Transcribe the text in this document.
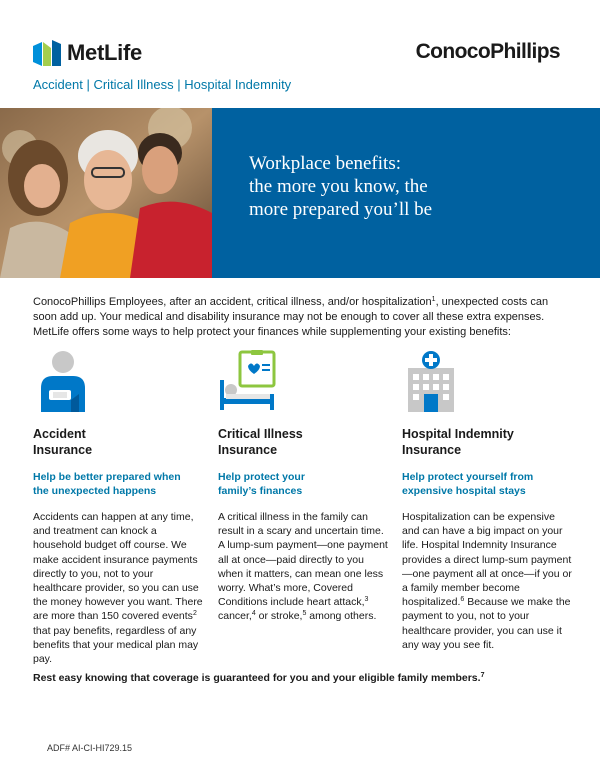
MetLife	ConocoPhillips
Accident | Critical Illness | Hospital Indemnity
Workplace benefits:
the more you know, the
more prepared you’ll be
ConocoPhillips Employees, after an accident, critical illness, and/or hospitalization$^1$, unexpected costs can soon add up. Your medical and disability insurance may not be enough to cover all these extra expenses. MetLife offers some ways to help protect your finances while supplementing your existing benefits:
Accident
Insurance
Help be better prepared when
the unexpected happens

Accidents can happen at any time, and treatment can knock a household budget off course. We make accident insurance payments directly to you, not to your healthcare provider, so you can use the money however you want. There are more than 150 covered events$^2$ that pay benefits, regardless of any benefits that your medical plan may pay.

Critical Illness
Insurance
Help protect your
family’s finances

A critical illness in the family can result in a scary and uncertain time. A lump-sum payment—one payment all at once—paid directly to you when it matters, can mean one less worry. What’s more, Covered Conditions include heart attack,$^3$ cancer,$^4$ or stroke,$^5$ among others.

Hospital Indemnity
Insurance
Help protect yourself from
expensive hospital stays

Hospitalization can be expensive and can have a big impact on your life. Hospital Indemnity Insurance provides a direct lump-sum payment—one payment all at once—if you or a family member become hospitalized.$^6$ Because we make the payment to you, not to your healthcare provider, you can use it any way you see fit.

Rest easy knowing that coverage is guaranteed for you and your eligible family members.$^7$
ADF# AI-CI-HI729.15
